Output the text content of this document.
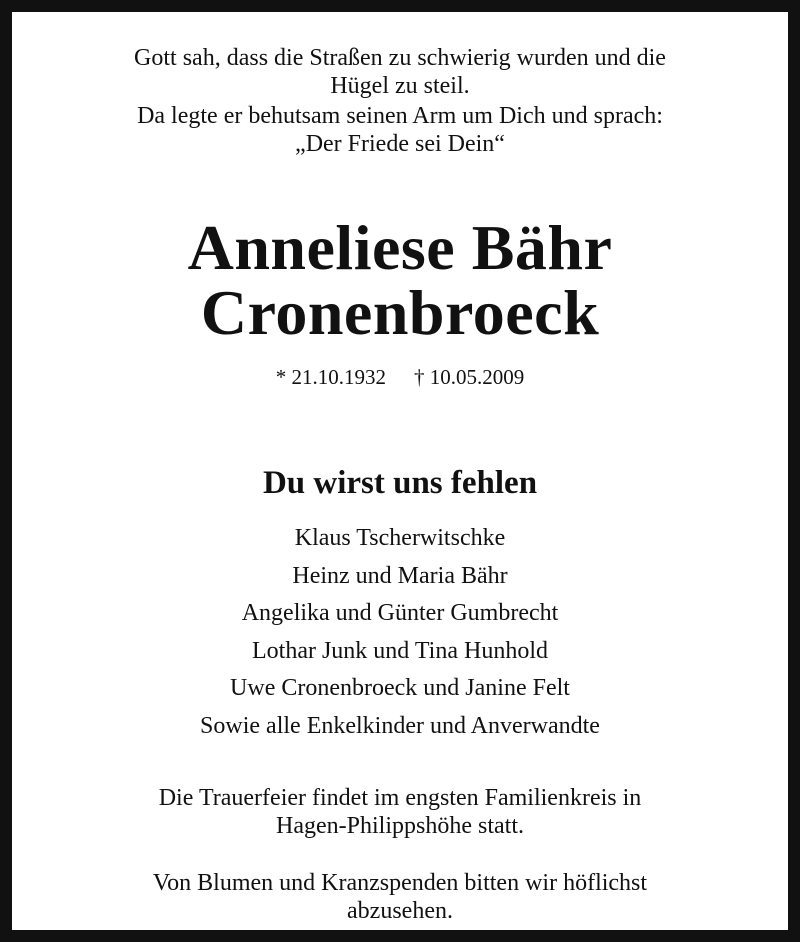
Gott sah, dass die Straßen zu schwierig wurden und die
Hügel zu steil.

Da legte er behutsam seinen Arm um Dich und sprach:
„Der Friede sei Dein“

Anneliese Bähr
Cronenbroeck
* 21.10.1932 † 10.05.2009
Du wirst uns fehlen
Klaus Tscherwitschke
Heinz und Maria Bähr
Angelika und Günter Gumbrecht
Lothar Junk und Tina Hunhold
Uwe Cronenbroeck und Janine Felt
Sowie alle Enkelkinder und Anverwandte

Die Trauerfeier findet im engsten Familienkreis in
Hagen-Philippshöhe statt.

Von Blumen und Kranzspenden bitten wir höflichst
abzusehen.
